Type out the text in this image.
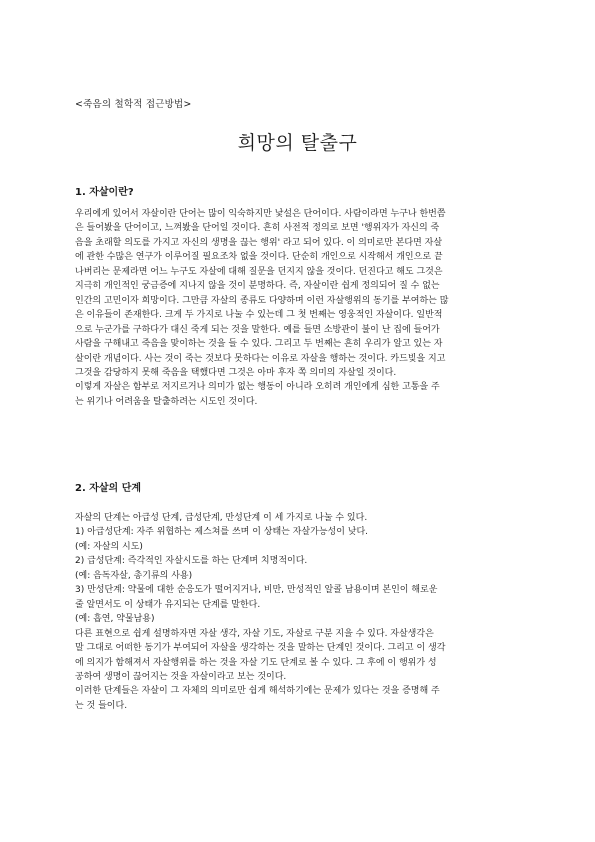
<죽음의 철학적 접근방법>
희망의 탈출구
1. 자살이란?
우리에게 있어서 자살이란 단어는 많이 익숙하지만 낯설은 단어이다. 사람이라면 누구나 한번쯤
은 들어봤을 단어이고, 느껴봤을 단어일 것이다. 흔히 사전적 정의로 보면 '행위자가 자신의 죽
음을 초래할 의도를 가지고 자신의 생명을 끊는 행위' 라고 되어 있다. 이 의미로만 본다면 자살
에 관한 수많은 연구가 이루어질 필요조차 없을 것이다. 단순히 개인으로 시작해서 개인으로 끝
나버리는 문제라면 어느 누구도 자살에 대해 질문을 던지지 않을 것이다. 던진다고 해도 그것은
지극히 개인적인 궁금증에 지나지 않을 것이 분명하다. 즉, 자살이란 쉽게 정의되어 질 수 없는
인간의 고민이자 희망이다. 그만큼 자살의 종류도 다양하며 이런 자살행위의 동기를 부여하는 많
은 이유들이 존재한다. 크게 두 가지로 나눌 수 있는데 그 첫 번째는 영웅적인 자살이다. 일반적
으로 누군가를 구하다가 대신 죽게 되는 것을 말한다. 예를 들면 소방관이 불이 난 집에 들어가
사람을 구해내고 죽음을 맞이하는 것을 들 수 있다. 그리고 두 번째는 흔히 우리가 알고 있는 자
살이란 개념이다. 사는 것이 죽는 것보다 못하다는 이유로 자살을 행하는 것이다. 카드빚을 지고
그것을 감당하지 못해 죽음을 택했다면 그것은 아마 후자 쪽 의미의 자살일 것이다.
이렇게 자살은 함부로 저지르거나 의미가 없는 행동이 아니라 오히려 개인에게 심한 고통을 주
는 위기나 어려움을 탈출하려는 시도인 것이다.
2. 자살의 단계
자살의 단계는 아급성 단계, 급성단계, 만성단계 이 세 가지로 나눌 수 있다.
1) 아급성단계: 자주 위협하는 제스쳐를 쓰며 이 상태는 자살가능성이 낮다.
(예: 자살의 시도)
2) 급성단계: 즉각적인 자살시도를 하는 단계며 치명적이다.
(예: 음독자살, 총기류의 사용)
3) 만성단계: 약물에 대한 순응도가 떨어지거나, 비만, 만성적인 알콜 남용이며 본인이 해로운
줄 알면서도 이 상태가 유지되는 단계를 말한다.
(예: 흡연, 약물남용)
다른 표현으로 쉽게 설명하자면 자살 생각, 자살 기도, 자살로 구분 지을 수 있다. 자살생각은
말 그대로 어떠한 동기가 부여되어 자살을 생각하는 것을 말하는 단계인 것이다. 그리고 이 생각
에 의지가 함해져서 자살행위를 하는 것을 자살 기도 단계로 볼 수 있다. 그 후에 이 행위가 성
공하여 생명이 끊어지는 것을 자살이라고 보는 것이다.
이러한 단계들은 자살이 그 자체의 의미로만 쉽게 해석하기에는 문제가 있다는 것을 증명해 주
는 것 들이다.
